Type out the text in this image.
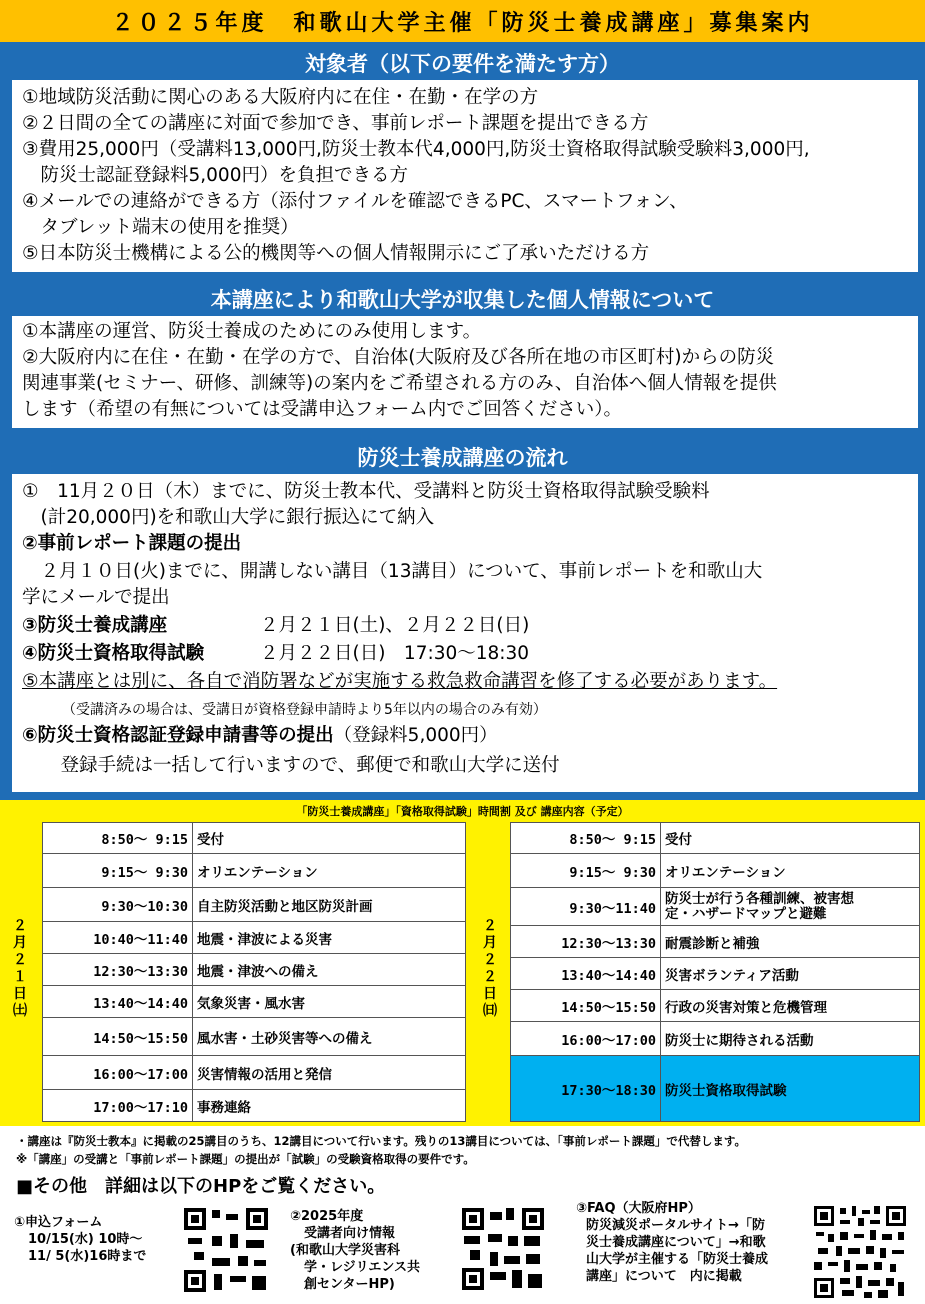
２０２５年度　和歌山大学主催「防災士養成講座」募集案内
対象者（以下の要件を満たす方）
①地域防災活動に関心のある大阪府内に在住・在勤・在学の方
②２日間の全ての講座に対面で参加でき、事前レポート課題を提出できる方
③費用25,000円（受講料13,000円,防災士教本代4,000円,防災士資格取得試験受験料3,000円,
　防災士認証登録料5,000円）を負担できる方
④メールでの連絡ができる方（添付ファイルを確認できるPC、スマートフォン、
　タブレット端末の使用を推奨）
⑤日本防災士機構による公的機関等への個人情報開示にご了承いただける方
本講座により和歌山大学が収集した個人情報について
①本講座の運営、防災士養成のためにのみ使用します。
②大阪府内に在住・在勤・在学の方で、自治体(大阪府及び各所在地の市区町村)からの防災
関連事業(セミナー、研修、訓練等)の案内をご希望される方のみ、自治体へ個人情報を提供
します（希望の有無については受講申込フォーム内でご回答ください）。
防災士養成講座の流れ
①　11月２０日（木）までに、防災士教本代、受講料と防災士資格取得試験受験料
　(計20,000円)を和歌山大学に銀行振込にて納入
②事前レポート課題の提出
　２月１０日(火)までに、開講しない講目（13講目）について、事前レポートを和歌山大
学にメールで提出
③防災士養成講座	２月２１日(土)、２月２２日(日)
④防災士資格取得試験	２月２２日(日)　17:30～18:30
⑤本講座とは別に、各自で消防署などが実施する救急救命講習を修了する必要があります。
（受講済みの場合は、受講日が資格登録申請時より5年以内の場合のみ有効）
⑥防災士資格認証登録申請書等の提出（登録料5,000円）
　登録手続は一括して行いますので、郵便で和歌山大学に送付
「防災士養成講座」「資格取得試験」時間割 及び 講座内容（予定）
２
月
２
１
日
㈯
8:50～ 9:15	受付
9:15～ 9:30	オリエンテーション
9:30～10:30	自主防災活動と地区防災計画
10:40～11:40	地震・津波による災害
12:30～13:30	地震・津波への備え
13:40～14:40	気象災害・風水害
14:50～15:50	風水害・土砂災害等への備え
16:00～17:00	災害情報の活用と発信
17:00～17:10	事務連絡
２
月
２
２
日
㈰
8:50～ 9:15	受付
9:15～ 9:30	オリエンテーション
9:30～11:40	防災士が行う各種訓練、被害想
定・ハザードマップと避難

12:30～13:30	耐震診断と補強
13:40～14:40	災害ボランティア活動
14:50～15:50	行政の災害対策と危機管理
16:00～17:00	防災士に期待される活動
17:30～18:30	防災士資格取得試験
・講座は『防災士教本』に掲載の25講目のうち、12講目について行います。残りの13講目については、「事前レポート課題」で代替します。
※「講座」の受講と「事前レポート課題」の提出が「試験」の受験資格取得の要件です。
■その他　詳細は以下のHPをご覧ください。
①申込フォーム
10/15(水) 10時～
11/ 5(水)16時まで
②2025年度
受講者向け情報
(和歌山大学災害科
学・レジリエンス共
創センターHP)
③FAQ（大阪府HP）
防災減災ポータルサイト→「防
災士養成講座について」→和歌
山大学が主催する「防災士養成
講座」について　内に掲載
